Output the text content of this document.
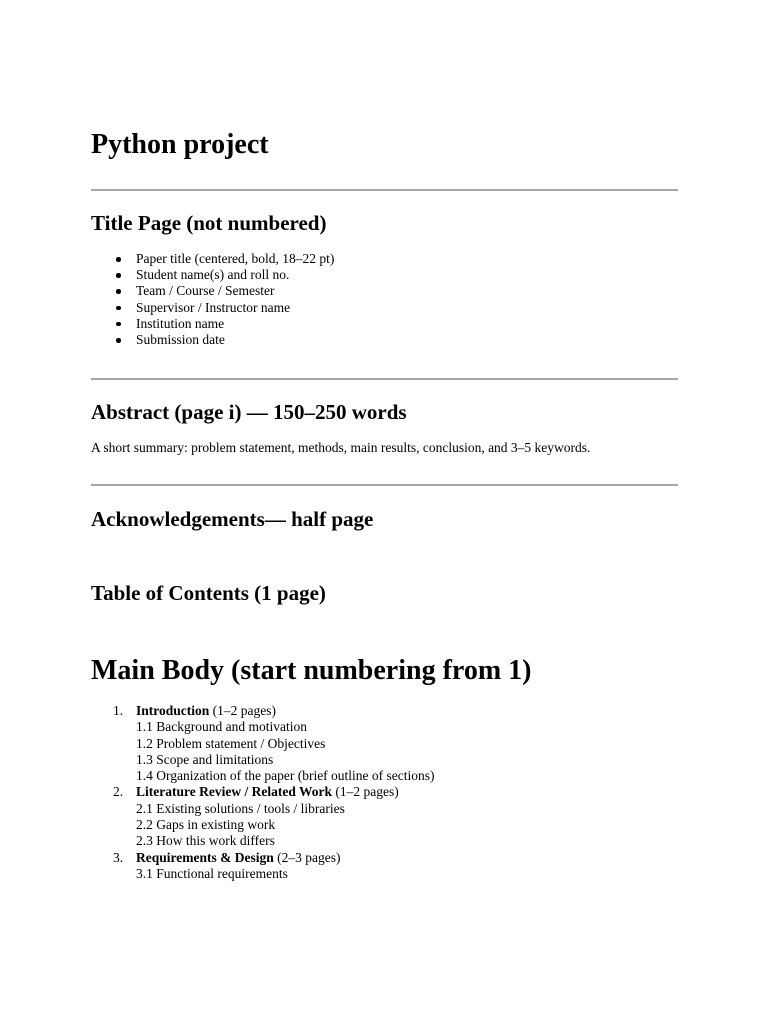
Python project
Title Page (not numbered)
Paper title (centered, bold, 18–22 pt)
Student name(s) and roll no.
Team / Course / Semester
Supervisor / Instructor name
Institution name
Submission date
Abstract (page i) — 150–250 words

A short summary: problem statement, methods, main results, conclusion, and 3–5 keywords.

Acknowledgements— half page
Table of Contents (1 page)
Main Body (start numbering from 1)
1. Introduction (1–2 pages)
1.1 Background and motivation
1.2 Problem statement / Objectives
1.3 Scope and limitations
1.4 Organization of the paper (brief outline of sections)
2. Literature Review / Related Work (1–2 pages)
2.1 Existing solutions / tools / libraries
2.2 Gaps in existing work
2.3 How this work differs
3. Requirements & Design (2–3 pages)
3.1 Functional requirements
